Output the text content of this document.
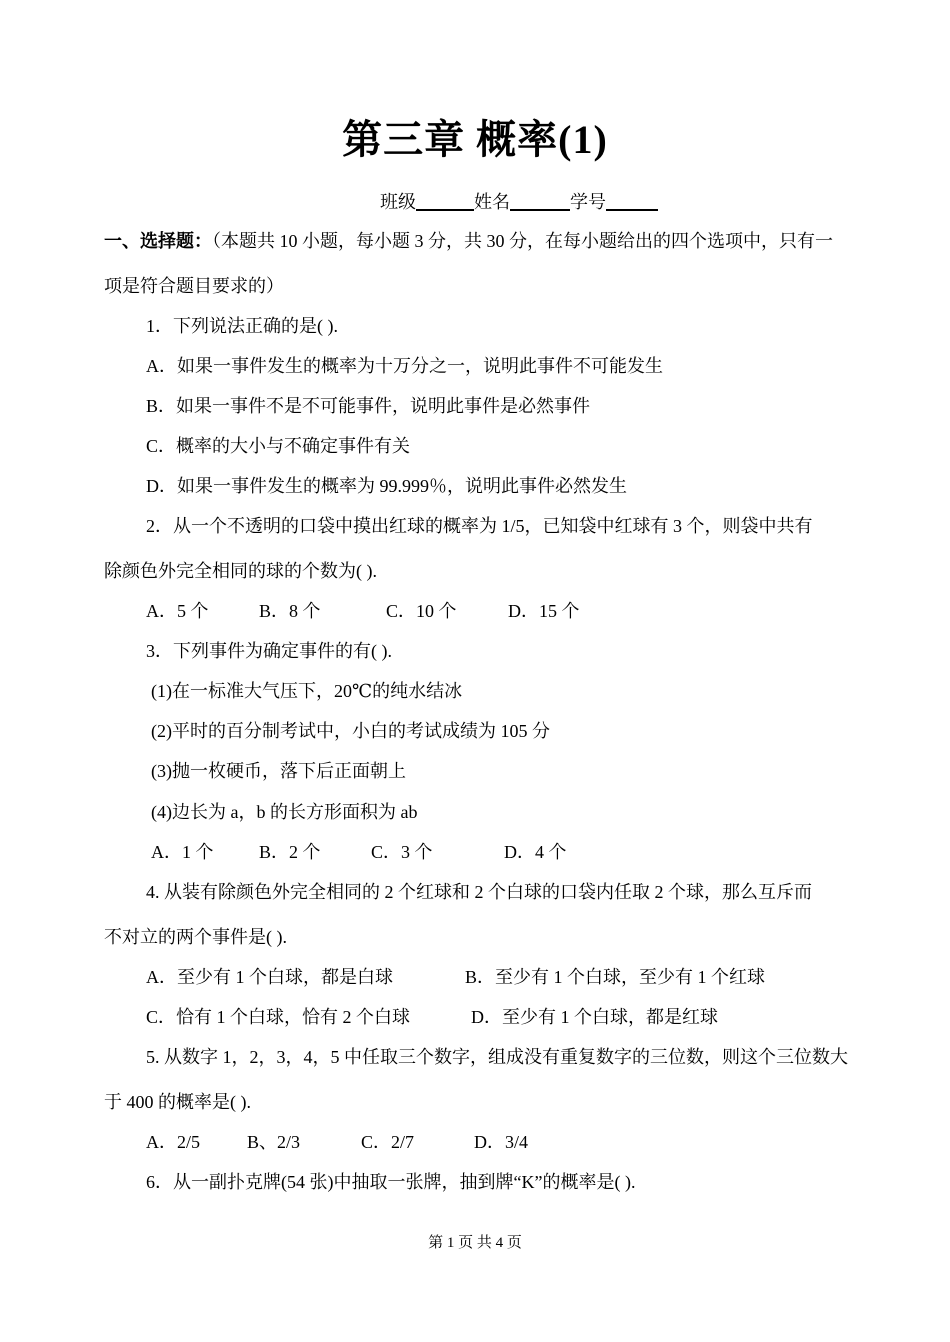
第三章 概率(1)
班级	姓名	学号
一、选择题：（本题共 10 小题，每小题 3 分，共 30 分，在每小题给出的四个选项中，只有一
项是符合题目要求的）
1．下列说法正确的是( ).
A．如果一事件发生的概率为十万分之一，说明此事件不可能发生
B．如果一事件不是不可能事件，说明此事件是必然事件
C．概率的大小与不确定事件有关
D．如果一事件发生的概率为 99.999％，说明此事件必然发生
2．从一个不透明的口袋中摸出红球的概率为 1/5，已知袋中红球有 3 个，则袋中共有
除颜色外完全相同的球的个数为( ).
A．5 个	B．8 个	C．10 个	D．15 个
3．下列事件为确定事件的有( ).
(1)在一标准大气压下，20℃的纯水结冰
(2)平时的百分制考试中，小白的考试成绩为 105 分
(3)抛一枚硬币，落下后正面朝上
(4)边长为 a，b 的长方形面积为 ab
A．1 个	B．2 个	C．3 个	D．4 个
4. 从装有除颜色外完全相同的 2 个红球和 2 个白球的口袋内任取 2 个球，那么互斥而
不对立的两个事件是( ).
A．至少有 1 个白球，都是白球	B．至少有 1 个白球，至少有 1 个红球
C．恰有 1 个白球，恰有 2 个白球	D．至少有 1 个白球，都是红球
5. 从数字 1，2，3，4，5 中任取三个数字，组成没有重复数字的三位数，则这个三位数大
于 400 的概率是( ).
A．2/5	B、2/3	C．2/7	D．3/4
6．从一副扑克牌(54 张)中抽取一张牌，抽到牌“K”的概率是( ).
第 1 页 共 4 页
